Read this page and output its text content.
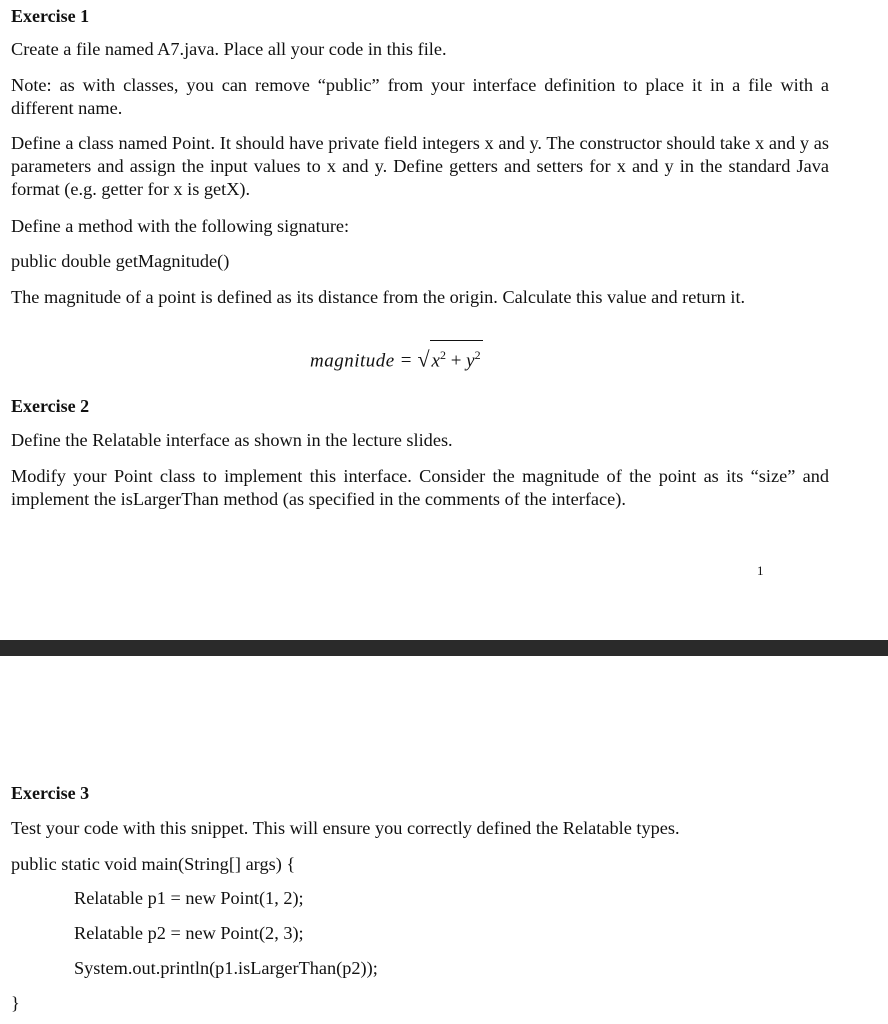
Exercise 1

Create a file named A7.java. Place all your code in this file.

Note: as with classes, you can remove “public” from your interface definition to place it in a file with a different name.

Define a class named Point. It should have private field integers x and y. The constructor should take x and y as parameters and assign the input values to x and y. Define getters and setters for x and y in the standard Java format (e.g. getter for x is getX).

Define a method with the following signature:

public double getMagnitude()

The magnitude of a point is defined as its distance from the origin. Calculate this value and return it.

magnitude = √ $x^2 + y^2$

Exercise 2

Define the Relatable interface as shown in the lecture slides.

Modify your Point class to implement this interface. Consider the magnitude of the point as its “size” and implement the isLargerThan method (as specified in the comments of the interface).

1

Exercise 3

Test your code with this snippet. This will ensure you correctly defined the Relatable types.

public static void main(String[] args) {

Relatable p1 = new Point(1, 2);

Relatable p2 = new Point(2, 3);

System.out.println(p1.isLargerThan(p2));

}
